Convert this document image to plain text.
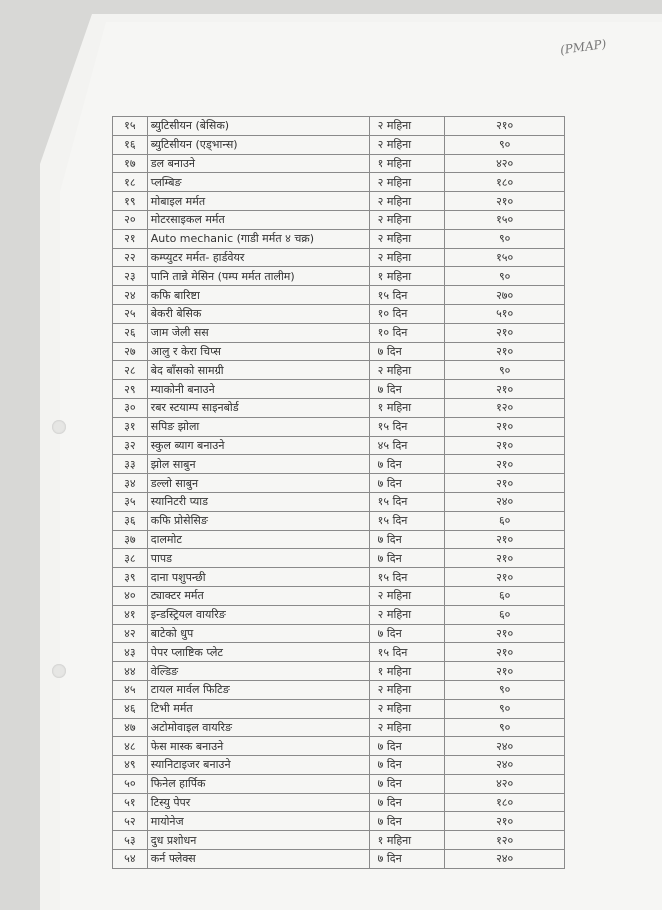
(PMAP)
१५	ब्युटिसीयन (बेसिक)	२ महिना	२१०
१६	ब्युटिसीयन (एड्भान्स)	२ महिना	९०
१७	डल बनाउने	१ महिना	४२०
१८	प्लम्बिङ	२ महिना	१८०
१९	मोबाइल मर्मत	२ महिना	२१०
२०	मोटरसाइकल मर्मत	२ महिना	१५०
२१	Auto mechanic (गाडी मर्मत ४ चक्र)	२ महिना	९०
२२	कम्प्युटर मर्मत- हार्डवेयर	२ महिना	१५०
२३	पानि तान्ने मेसिन (पम्प मर्मत तालीम)	१ महिना	९०
२४	कफि बारिष्टा	१५ दिन	२७०
२५	बेकरी बेसिक	१० दिन	५१०
२६	जाम जेली सस	१० दिन	२१०
२७	आलु र केरा चिप्स	७ दिन	२१०
२८	बेद बाँसको सामग्री	२ महिना	९०
२९	म्याकोनी बनाउने	७ दिन	२१०
३०	रबर स्टयाम्प साइनबोर्ड	१ महिना	१२०
३१	सपिङ झोला	१५ दिन	२१०
३२	स्कुल ब्याग बनाउने	४५ दिन	२१०
३३	झोल साबुन	७ दिन	२१०
३४	डल्लो साबुन	७ दिन	२१०
३५	स्यानिटरी प्याड	१५ दिन	२४०
३६	कफि प्रोसेसिङ	१५ दिन	६०
३७	दालमोट	७ दिन	२१०
३८	पापड	७ दिन	२१०
३९	दाना पशुपन्छी	१५ दिन	२१०
४०	ट्याक्टर मर्मत	२ महिना	६०
४१	इन्डस्ट्रियल वायरिङ	२ महिना	६०
४२	बाटेको धुप	७ दिन	२१०
४३	पेपर प्लाष्टिक प्लेट	१५ दिन	२१०
४४	वेल्डिङ	१ महिना	२१०
४५	टायल मार्वल फिटिङ	२ महिना	९०
४६	टिभी मर्मत	२ महिना	९०
४७	अटोमोवाइल वायरिङ	२ महिना	९०
४८	फेस मास्क बनाउने	७ दिन	२४०
४९	स्यानिटाइजर बनाउने	७ दिन	२४०
५०	फिनेल हार्पिक	७ दिन	४२०
५१	टिस्यु पेपर	७ दिन	१८०
५२	मायोनेज	७ दिन	२१०
५३	दुध प्रशोधन	१ महिना	१२०
५४	कर्न फ्लेक्स	७ दिन	२४०
